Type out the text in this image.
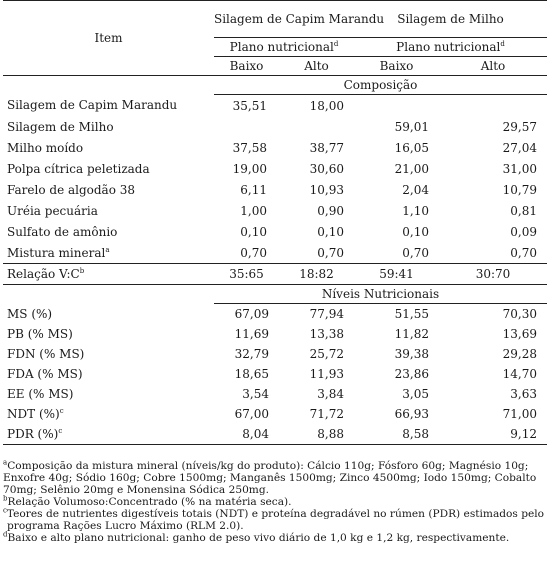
Item	Silagem de Capim Marandu		Silagem de Milho	
	Plano nutricional$^d$		Plano nutricional$^d$
	Baixo	Alto	Baixo	Alto
	Composição			
Silagem de Capim Marandu	35,51	18,00		
Silagem de Milho			59,01	29,57
Milho moído	37,58	38,77	16,05	27,04
Polpa cítrica peletizada	19,00	30,60	21,00	31,00
Farelo de algodão 38	6,11	10,93	2,04	10,79
Uréia pecuária	1,00	0,90	1,10	0,81
Sulfato de amônio	0,10	0,10	0,10	0,09
Mistura mineral$^a$	0,70	0,70	0,70	0,70
Relação $V:C^b$	35:65	18:82	59:41	30:70
	Níveis Nutricionais			
MS (%)	67,09	77,94	51,55	70,30
PB (% MS)	11,69	13,38	11,82	13,69
FDN (% MS)	32,79	25,72	39,38	29,28
FDA (% MS)	18,65	11,93	23,86	14,70
EE (% MS)	3,54	3,84	3,05	3,63
NDT (%)$^c$	67,00	71,72	66,93	71,00
PDR (%)$^c$	8,04	8,88	8,58	9,12

$^a$Composição da mistura mineral (níveis/kg do produto): Cálcio 110g; Fósforo 60g; Magnésio 10g;

Enxofre 40g; Sódio 160g; Cobre 1500mg; Manganês 1500mg; Zinco 4500mg; Iodo 150mg; Cobalto

70mg; Selênio 20mg e Monensina Sódica 250mg.

$^b$Relação Volumoso:Concentrado (% na matéria seca).

$^c$Teores de nutrientes digestíveis totais (NDT) e proteína degradável no rúmen (PDR) estimados pelo

programa Rações Lucro Máximo (RLM 2.0).

$^d$Baixo e alto plano nutricional: ganho de peso vivo diário de 1,0 kg e 1,2 kg, respectivamente.
